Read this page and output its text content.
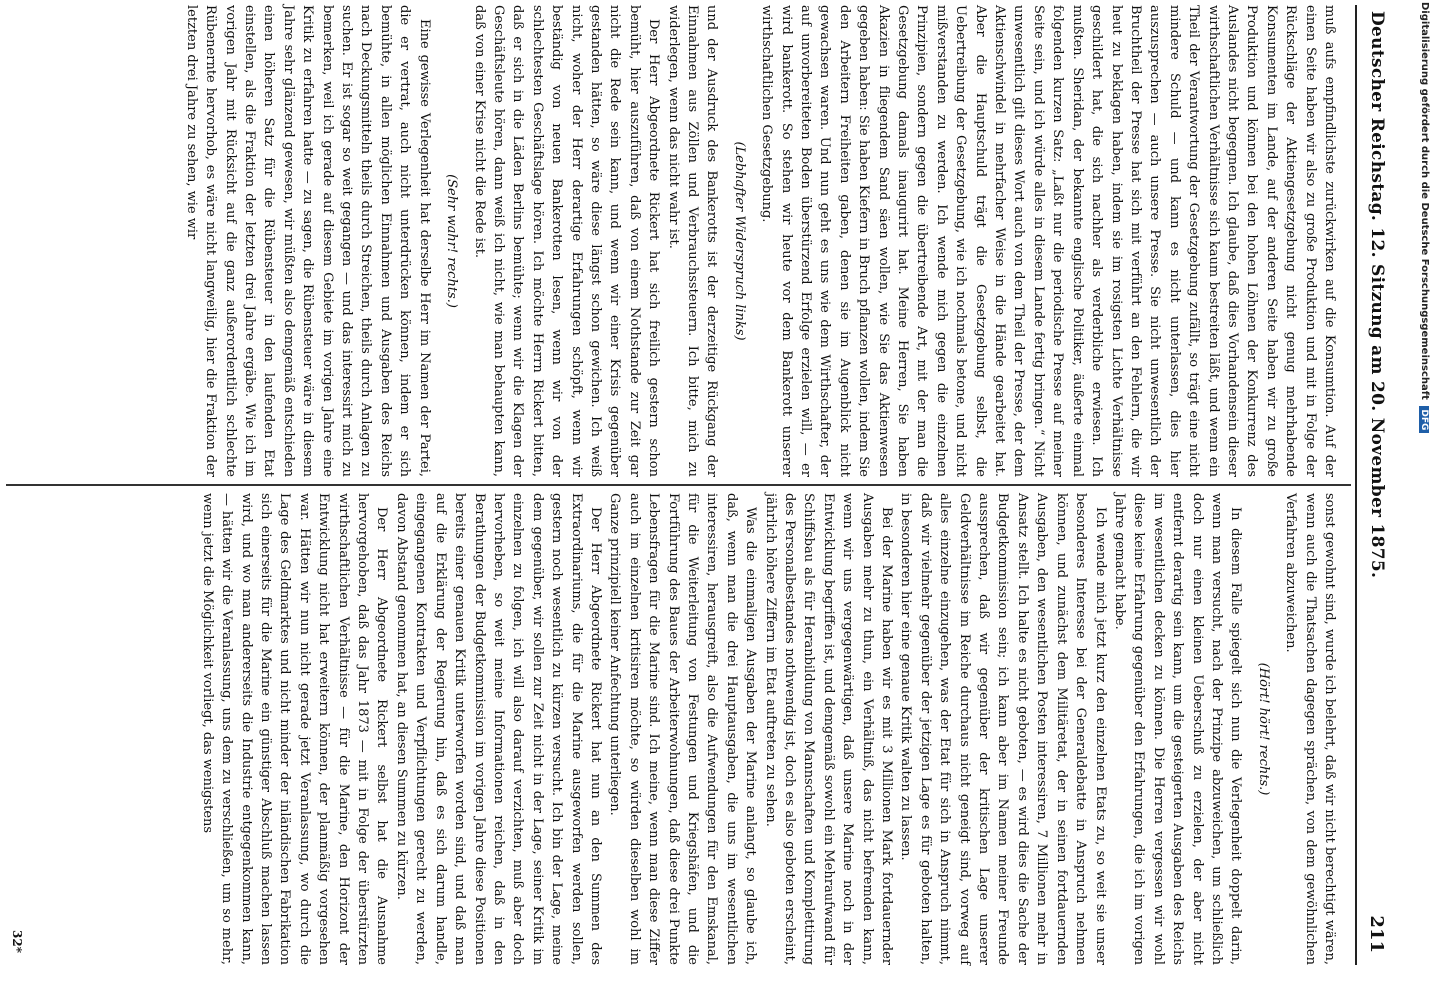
Deutscher Reichstag. 12. Sitzung am 20. November 1875.
211

muß aufs empfindlichste zurückwirken auf die Konsumtion. Auf der einen Seite haben wir also zu große Produktion und mit in Folge der Rückschläge der Aktiengesetzgebung nicht genug mehrhabende Konsumenten im Lande, auf der anderen Seite haben wir zu große Produktion und können bei den hohen Löhnen der Konkurrenz des Auslandes nicht begegnen. Ich glaube, daß dies Vorhandensein dieser wirthschaftlichen Verhältnisse sich kaum bestreiten läßt, und wenn ein Theil der Verantwortung der Gesetzgebung zufällt, so trägt eine nicht mindere Schuld — und kann es nicht unterlassen, dies hier auszusprechen — auch unsere Presse. Sie nicht unwesentlich der Bruchtheil der Presse hat sich mit verführt an den Fehlern, die wir heut zu beklagen haben, indem sie im rosigsten Lichte Verhältnisse geschildert hat, die sich nachher als verderbliche erwiesen. Ich mußten. Sheridan, der bekannte englische Politiker, äußerte einmal folgenden kurzen Satz: „Laßt nur die periodische Presse auf meiner Seite sein, und ich würde alles in diesem Lande fertig bringen.“ Nicht unwesentlich gilt dieses Wort auch von dem Theil der Presse, der dem Aktienschwindel in mehrfacher Weise in die Hände gearbeitet hat. Aber die Hauptschuld trägt die Gesetzgebung selbst, die Uebertreibung der Gesetzgebung, wie ich nochmals betone, und nicht mißverstanden zu werden. Ich wende mich gegen die einzelnen Prinzipien, sondern gegen die übertreibende Art, mit der man die Gesetzgebung damals inaugurirt hat. Meine Herren, Sie haben Akazien in fliegendem Sand säen wollen, wie Sie das Aktienwesen gegeben haben: Sie haben Kiefern in Bruch pflanzen wollen, indem Sie den Arbeitern Freiheiten gaben, denen sie im Augenblick nicht gewachsen waren. Und nun geht es uns wie dem Wirthschafter, der auf unvorbereiteten Boden überstürzend Erfolge erzielen will, — er wird bankerott. So stehen wir heute vor dem Bankerott unserer wirthschaftlichen Gesetzgebung.

(Lebhafter Widerspruch links)

und der Ausdruck des Bankerotts ist der derzeitige Rückgang der Einnahmen aus Zöllen und Verbrauchssteuern. Ich bitte, mich zu widerlegen, wenn das nicht wahr ist.

Der Herr Abgeordnete Rickert hat sich freilich gestern schon bemüht, hier auszuführen, daß von einem Nothstande zur Zeit gar nicht die Rede sein kann, und wenn wir einer Krisis gegenüber gestanden hätten, so wäre diese längst schon gewichen. Ich weiß nicht, woher der Herr derartige Erfahrungen schöpft, wenn wir beständig von neuen Bankerotten lesen, wenn wir von der schlechtesten Geschäftslage hören. Ich möchte Herrn Rickert bitten, daß er sich in die Läden Berlins bemühte; wenn wir die Klagen der Geschäftsleute hören, dann weiß ich nicht, wie man behaupten kann, daß von einer Krise nicht die Rede ist.

(Sehr wahr! rechts.)

Eine gewisse Verlegenheit hat derselbe Herr im Namen der Partei, die er vertrat, auch nicht unterdrücken können, indem er sich bemühte, in allen möglichen Einnahmen und Ausgaben des Reichs nach Deckungsmitteln theils durch Streichen, theils durch Anlagen zu suchen. Er ist sogar so weit gegangen — und das interessirt mich zu bemerken, weil ich gerade auf diesem Gebiete im vorigen Jahre eine Kritik zu erfahren hatte — zu sagen, die Rübensteuer wäre in diesem Jahre sehr glänzend gewesen, wir müßten also demgemäß entschieden einen höheren Satz für die Rübensteuer in den laufenden Etat einstellen, als die Fraktion der letzten drei Jahre ergäbe. Wie ich im vorigen Jahr mit Rücksicht auf die ganz außerordentlich schlechte Rübenernte hervorhob, es wäre nicht langweilig, hier die Fraktion der letzten drei Jahre zu sehen, wie wir

sonst gewohnt sind, wurde ich belehrt, daß wir nicht berechtigt wären, wenn auch die Thatsachen dagegen sprächen, von dem gewöhnlichen Verfahren abzuweichen.

(Hört! hört! rechts.)

In diesem Falle spiegelt sich nun die Verlegenheit doppelt darin, wenn man versucht, nach der Prinzipe abzuweichen, um schließlich doch nur einen kleinen Ueberschuß zu erzielen, der aber nicht entfernt derartig sein kann, um die gesteigerten Ausgaben des Reichs im wesentlichen decken zu können. Die Herren vergessen wir wohl diese keine Erfahrung gegenüber den Erfahrungen, die ich im vorigen Jahre gemacht habe.

Ich wende mich jetzt kurz den einzelnen Etats zu, so weit sie unser besonderes Interesse bei der Generaldebatte in Anspruch nehmen können, und zunächst dem Militäretat, der in seinen fortdauernden Ausgaben, den wesentlichen Posten interessiren, 7 Millionen mehr in Ansatz stellt. Ich halte es nicht geboten, — es wird dies die Sache der Budgetkommission sein; ich kann aber im Namen meiner Freunde aussprechen, daß wir gegenüber der kritischen Lage unserer Geldverhältnisse im Reiche durchaus nicht geneigt sind, vorweg auf alles einzelne einzugehen, was der Etat für sich in Anspruch nimmt, daß wir vielmehr gegenüber der jetzigen Lage es für geboten halten, in besonderen hier eine genaue Kritik walten zu lassen.

Bei der Marine haben wir es mit 3 Millionen Mark fortdauernder Ausgaben mehr zu thun, ein Verhältniß, das nicht befremden kann, wenn wir uns vergegenwärtigen, daß unsere Marine noch in der Entwicklung begriffen ist, und demgemäß sowohl ein Mehraufwand für Schiffsbau als für Heranbildung von Mannschaften und Komplettirung des Personalbestandes nothwendig ist, doch es also geboten erscheint, jährlich höhere Ziffern im Etat auftreten zu sehen.

Was die einmaligen Ausgaben der Marine anlangt, so glaube ich, daß, wenn man die drei Hauptausgaben, die uns im wesentlichen interessiren, herausgreift, also die Aufwendungen für den Emskanal, für die Weiterleitung von Festungen und Kriegshäfen, und die Fortführung des Baues der Arbeiterwohnungen, daß diese drei Punkte Lebensfragen für die Marine sind. Ich meine, wenn man diese Ziffer auch im einzelnen kritisiren möchte, so würden dieselben wohl im Ganze prinzipiell keiner Anfechtung unterliegen.

Der Herr Abgeordnete Rickert hat nun an den Summen des Extraordinariums, die für die Marine ausgeworfen werden sollen, gestern noch wesentlich zu kürzen versucht. Ich bin der Lage, meine dem gegenüber, wir sollen zur Zeit nicht in der Lage, seiner Kritik im einzelnen zu folgen, ich will also darauf verzichten, muß aber doch hervorheben, so weit meine Informationen reichen, daß in den Berathungen der Budgetkommission im vorigen Jahre diese Positionen bereits einer genauen Kritik unterworfen worden sind, und daß man auf die Erklärung der Regierung hin, daß es sich darum handle, eingegangenen Kontrakten und Verpflichtungen gerecht zu werden, davon Abstand genommen hat, an diesen Summen zu kürzen.

Der Herr Abgeordnete Rickert selbst hat die Ausnahme hervorgehoben, daß das Jahr 1873 — mit in Folge der überstürzten wirthschaftlichen Verhältnisse — für die Marine, den Horizont der Entwicklung nicht hat erweitern können, der planmäßig vorgesehen war. Hätten wir nun nicht gerade jetzt Veranlassung, wo durch die Lage des Geldmarktes und nicht minder der inländischen Fabrikation sich einerseits für die Marine ein günstiger Abschluß machen lassen wird, und wo man andererseits die Industrie entgegenkommen kann, — hätten wir die Veranlassung, uns dem zu verschließen, um so mehr, wenn jetzt die Möglichkeit vorliegt, das wenigstens

32*
Digitalisierung gefördert durch die Deutsche Forschungsgemeinschaft DFG
